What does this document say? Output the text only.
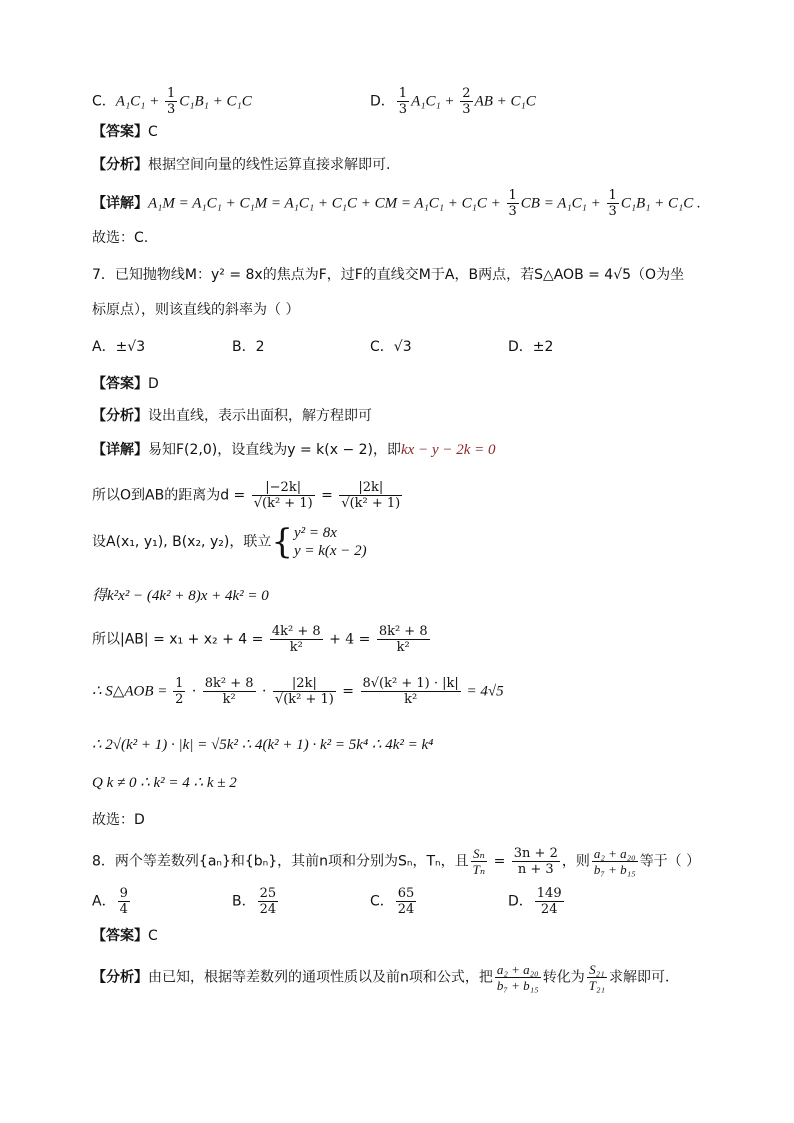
C．$A_1C_1 + \frac{1}{3} C_1B_1 + C_1C$	D． $\frac{1}{3} A_1C_1 + \frac{2}{3}$ AB + C₁C
【答案】C
【分析】根据空间向量的线性运算直接求解即可.
【详解】A₁M = A₁C₁ + C₁M = A₁C₁ + C₁C + CM = $A_1C_1 + C_1C + \frac{1}{3}$ CB = $A_1C_1 + \frac{1}{3} C_1B_1 + C_1C$ .
故选：C.
7．已知抛物线M：y² = 8x的焦点为F，过F的直线交M于A，B两点，若S△AOB = 4√5（O为坐
标原点），则该直线的斜率为（ ）
A．±√3	B．2	C．√3	D．±2
【答案】D
【分析】设出直线，表示出面积，解方程即可
【详解】易知F(2,0)，设直线为y = k(x − 2)，即kx − y − 2k = 0
所以O到AB的距离为$d = \frac{|-2k|}{\text{√(k² + 1)}} = \frac{|2k|}{\text{√(k² + 1)}}$
设A(x₁, y₁), B(x₂, y₂)，联立{ y² = 8x
y = k(x − 2)
得k²x² − (4k² + 8)x + 4k² = 0
所以$|AB| = x_1 + x_2 + 4 = \frac{\text{4k² + 8}}{\text{k²}} + 4 = \frac{\text{8k² + 8}}{\text{k²}}$
∴ S△AOB = $\frac{1}{2} \cdot \frac{\text{8k² + 8}}{\text{k²}} \cdot \frac{|2k|}{\text{√(k² + 1)}} = \frac{\text{8√(k² + 1) · |k|}}{\text{k²}} = 4√5$
∴ 2√(k² + 1) · |k| = √5k² ∴ 4(k² + 1) · k² = 5k⁴ ∴ 4k² = k⁴
Q k ≠ 0 ∴ k² = 4 ∴ k ± 2
故选：D
8．两个等差数列{aₙ}和{bₙ}，其前n项和分别为Sₙ，Tₙ，且 $\frac{\text{Sₙ}}{\text{Tₙ}} = \frac{3n + 2}{n + 3}$ ，则 $\frac{\text{a₂ + a₂₀}}{\text{b₇ + b₁₅}}$ 等于（ ）
A． $\frac{9}{4}$	B． $\frac{25}{24}$	C． $\frac{65}{24}$	D． $\frac{149}{24}$
【答案】C
【分析】由已知，根据等差数列的通项性质以及前n项和公式，把 $\frac{\text{a₂ + a₂₀}}{\text{b₇ + b₁₅}}$ 转化为 $\frac{\text{S₂₁}}{\text{T₂₁}}$ 求解即可．
